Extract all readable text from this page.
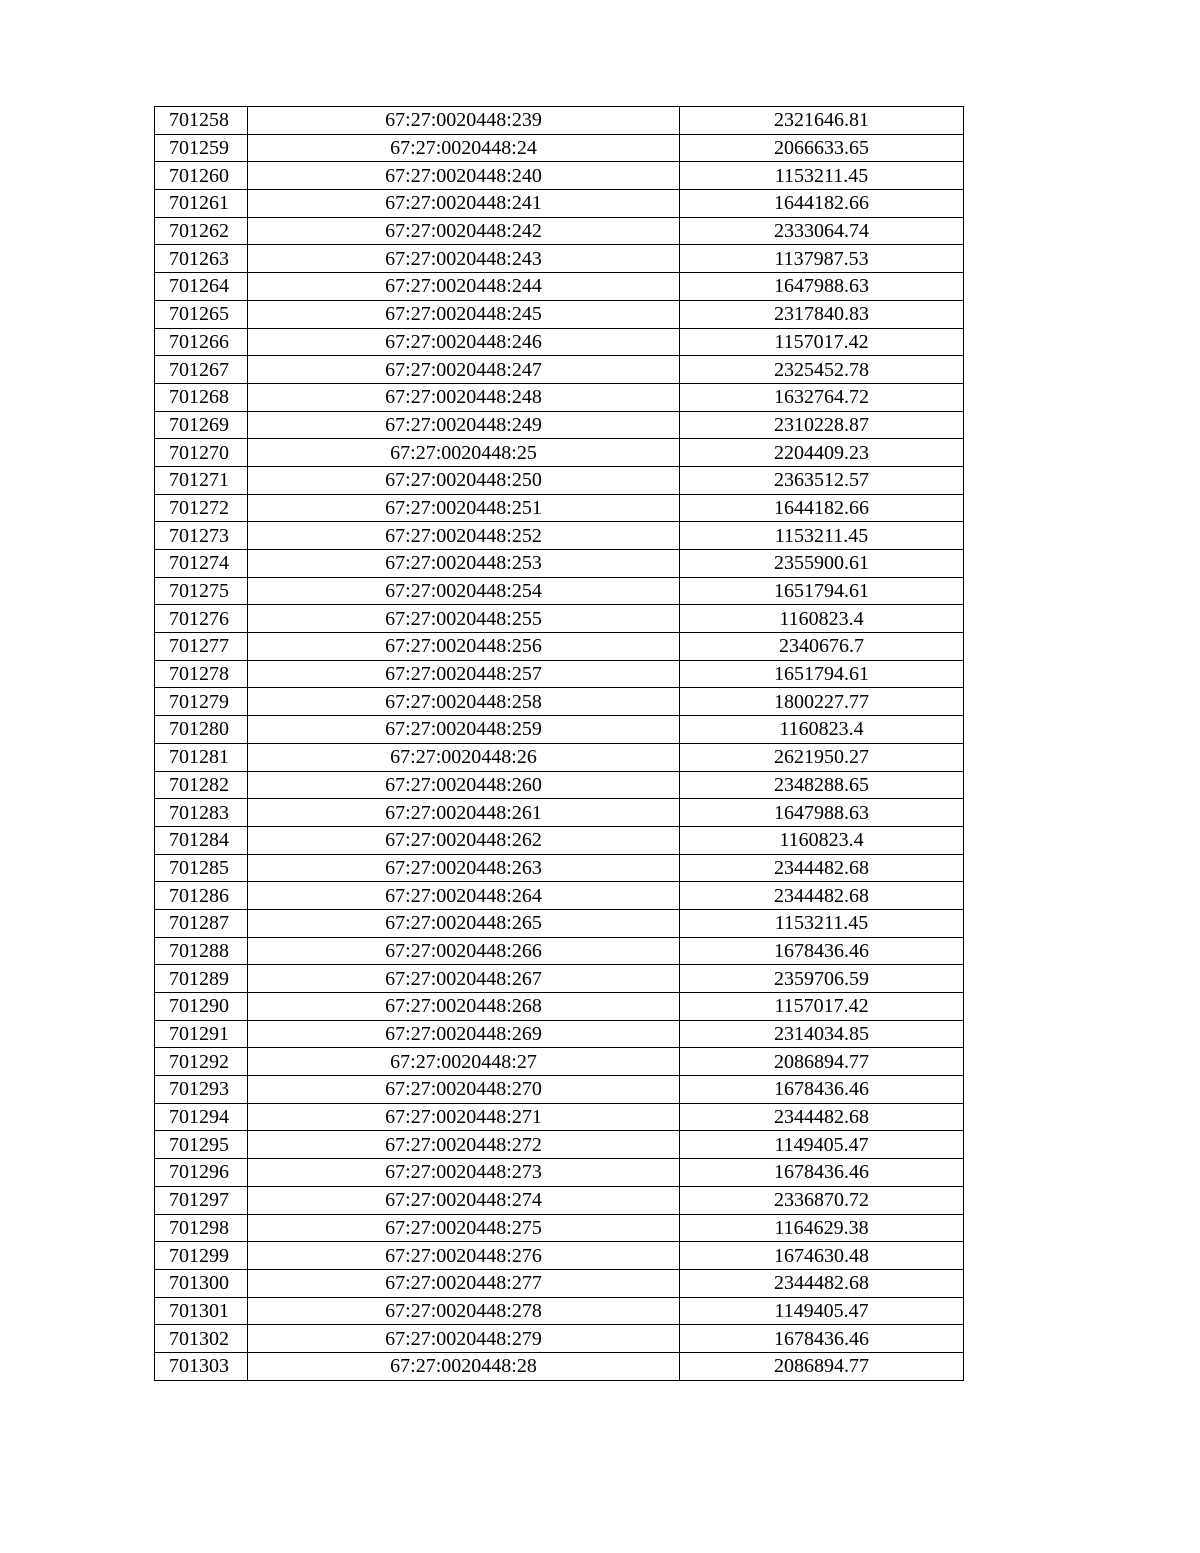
701258	67:27:0020448:239	2321646.81
701259	67:27:0020448:24	2066633.65
701260	67:27:0020448:240	1153211.45
701261	67:27:0020448:241	1644182.66
701262	67:27:0020448:242	2333064.74
701263	67:27:0020448:243	1137987.53
701264	67:27:0020448:244	1647988.63
701265	67:27:0020448:245	2317840.83
701266	67:27:0020448:246	1157017.42
701267	67:27:0020448:247	2325452.78
701268	67:27:0020448:248	1632764.72
701269	67:27:0020448:249	2310228.87
701270	67:27:0020448:25	2204409.23
701271	67:27:0020448:250	2363512.57
701272	67:27:0020448:251	1644182.66
701273	67:27:0020448:252	1153211.45
701274	67:27:0020448:253	2355900.61
701275	67:27:0020448:254	1651794.61
701276	67:27:0020448:255	1160823.4
701277	67:27:0020448:256	2340676.7
701278	67:27:0020448:257	1651794.61
701279	67:27:0020448:258	1800227.77
701280	67:27:0020448:259	1160823.4
701281	67:27:0020448:26	2621950.27
701282	67:27:0020448:260	2348288.65
701283	67:27:0020448:261	1647988.63
701284	67:27:0020448:262	1160823.4
701285	67:27:0020448:263	2344482.68
701286	67:27:0020448:264	2344482.68
701287	67:27:0020448:265	1153211.45
701288	67:27:0020448:266	1678436.46
701289	67:27:0020448:267	2359706.59
701290	67:27:0020448:268	1157017.42
701291	67:27:0020448:269	2314034.85
701292	67:27:0020448:27	2086894.77
701293	67:27:0020448:270	1678436.46
701294	67:27:0020448:271	2344482.68
701295	67:27:0020448:272	1149405.47
701296	67:27:0020448:273	1678436.46
701297	67:27:0020448:274	2336870.72
701298	67:27:0020448:275	1164629.38
701299	67:27:0020448:276	1674630.48
701300	67:27:0020448:277	2344482.68
701301	67:27:0020448:278	1149405.47
701302	67:27:0020448:279	1678436.46
701303	67:27:0020448:28	2086894.77
